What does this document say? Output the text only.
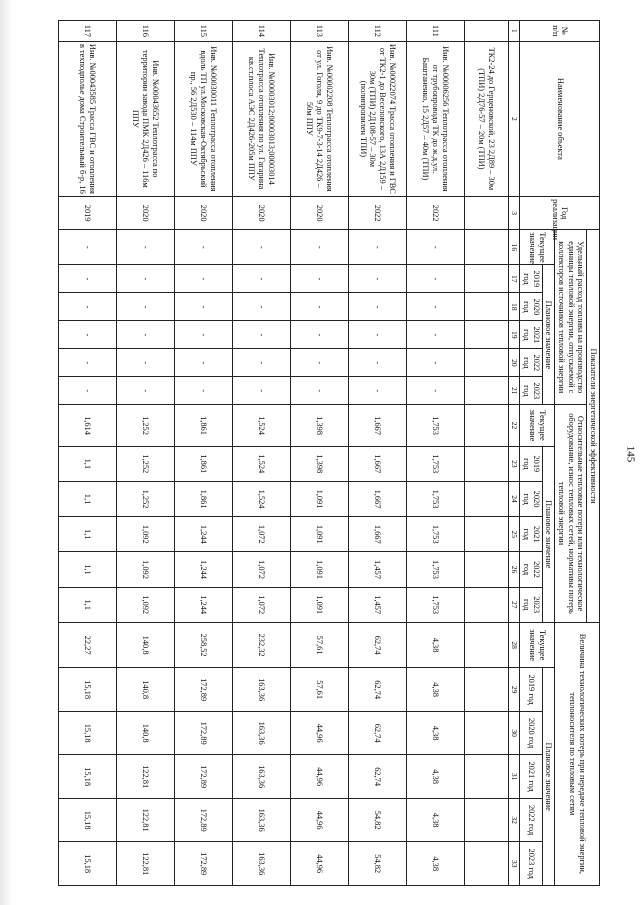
145
№ п/п	Наименование объекта	Год реализации	Показатели энергетической эффективности												Величина технологических потерь при передаче тепловой энергии, теплоносителя по тепловым сетям					
			Удельный расход топлива на производство единицы тепловой энергии, отпускаемой с коллекторов источников тепловой энергии						Относительные тепловые потери или технологическое оборудование, износ тепловых сетей, нормативы потерь тепловой энергии											
			Текущее значение	Плановое значение					Текущее значение	Плановое значение					Текущее значение	Плановое значение				
				2019 год	2020 год	2021 год	2022 год	2023 год		2019 год	2020 год	2021 год	2022 год	2023 год		2019 год	2020 год	2021 год	2022 год	2023 год
1	2	3	16	17	18	19	20	21	22	23	24	25	26	27	28	29	30	31	32	33
	ТК2-24 до Герценовской, 23 2Д89 – 30м (ТПИ) 2Д76-57 – 20м (ТПИ)																			
111	Инв. №00006256 Теплотрасса отопления от трубопровода ТК до ж.д.ул. Баштаненко, 15 2Д57 – 40м (ТПИ)	2022	-	-	-	-	-	-	1,753	1,753	1,753	1,753	1,753	1,753	4,38	4,38	4,38	4,38	4,38	4,38
112	Инв. №00022074 Трасса отопления и ГВС от ТК2-1 до Веселовского, 13А 2Д159 – 30м (ТПИ) 2Д108-57 – 30м (полипропилен ТПИ)	2022	-	-	-	-	-	-	1,667	1,667	1,667	1,667	1,457	1,457	62,74	62,74	62,74	62,74	54,82	54,82
113	Инв. №00002208 Теплотрасса отопления от ул. Гоголя, 9 до ТК9-7-3-14 2Д426 – 50м ППУ	2020	-	-	-	-	-	-	1,398	1,398	1,091	1,091	1,091	1,091	57,61	57,61	44,96	44,96	44,96	44,96
114	Инв. №00003012;00003013;00003014 Теплотрасса отопления по ул. Гагарина кв.ст.плоса АЭС 2Д426-205м ППУ	2020	-	-	-	-	-	-	1,524	1,524	1,524	1,072	1,072	1,072	232,32	163,36	163,36	163,36	163,36	163,36
115	Инв. №00030011 Теплотрасса отопления вдоль ТП ул.Московская-Октябрьский пр., 56 2Д530 – 114м ППУ	2020	-	-	-	-	-	-	1,861	1,861	1,861	1,244	1,244	1,244	258,52	172,89	172,89	172,89	172,89	172,89
116	Инв. №00043652 Теплотрасса по территории завода ПМК 2Д426 – 116м ППУ	2020	-	-	-	-	-	-	1,252	1,252	1,252	1,092	1,092	1,092	140,8	140,8	140,8	122,81	122,81	122,81
117	Инв. №00043585 Трасса ГВС и отопления в техподполье дома Строительный б-р, 16	2019	-	-	-	-	-	-	1,614	1,1	1,1	1,1	1,1	1,1	22,27	15,18	15,18	15,18	15,18	15,18
